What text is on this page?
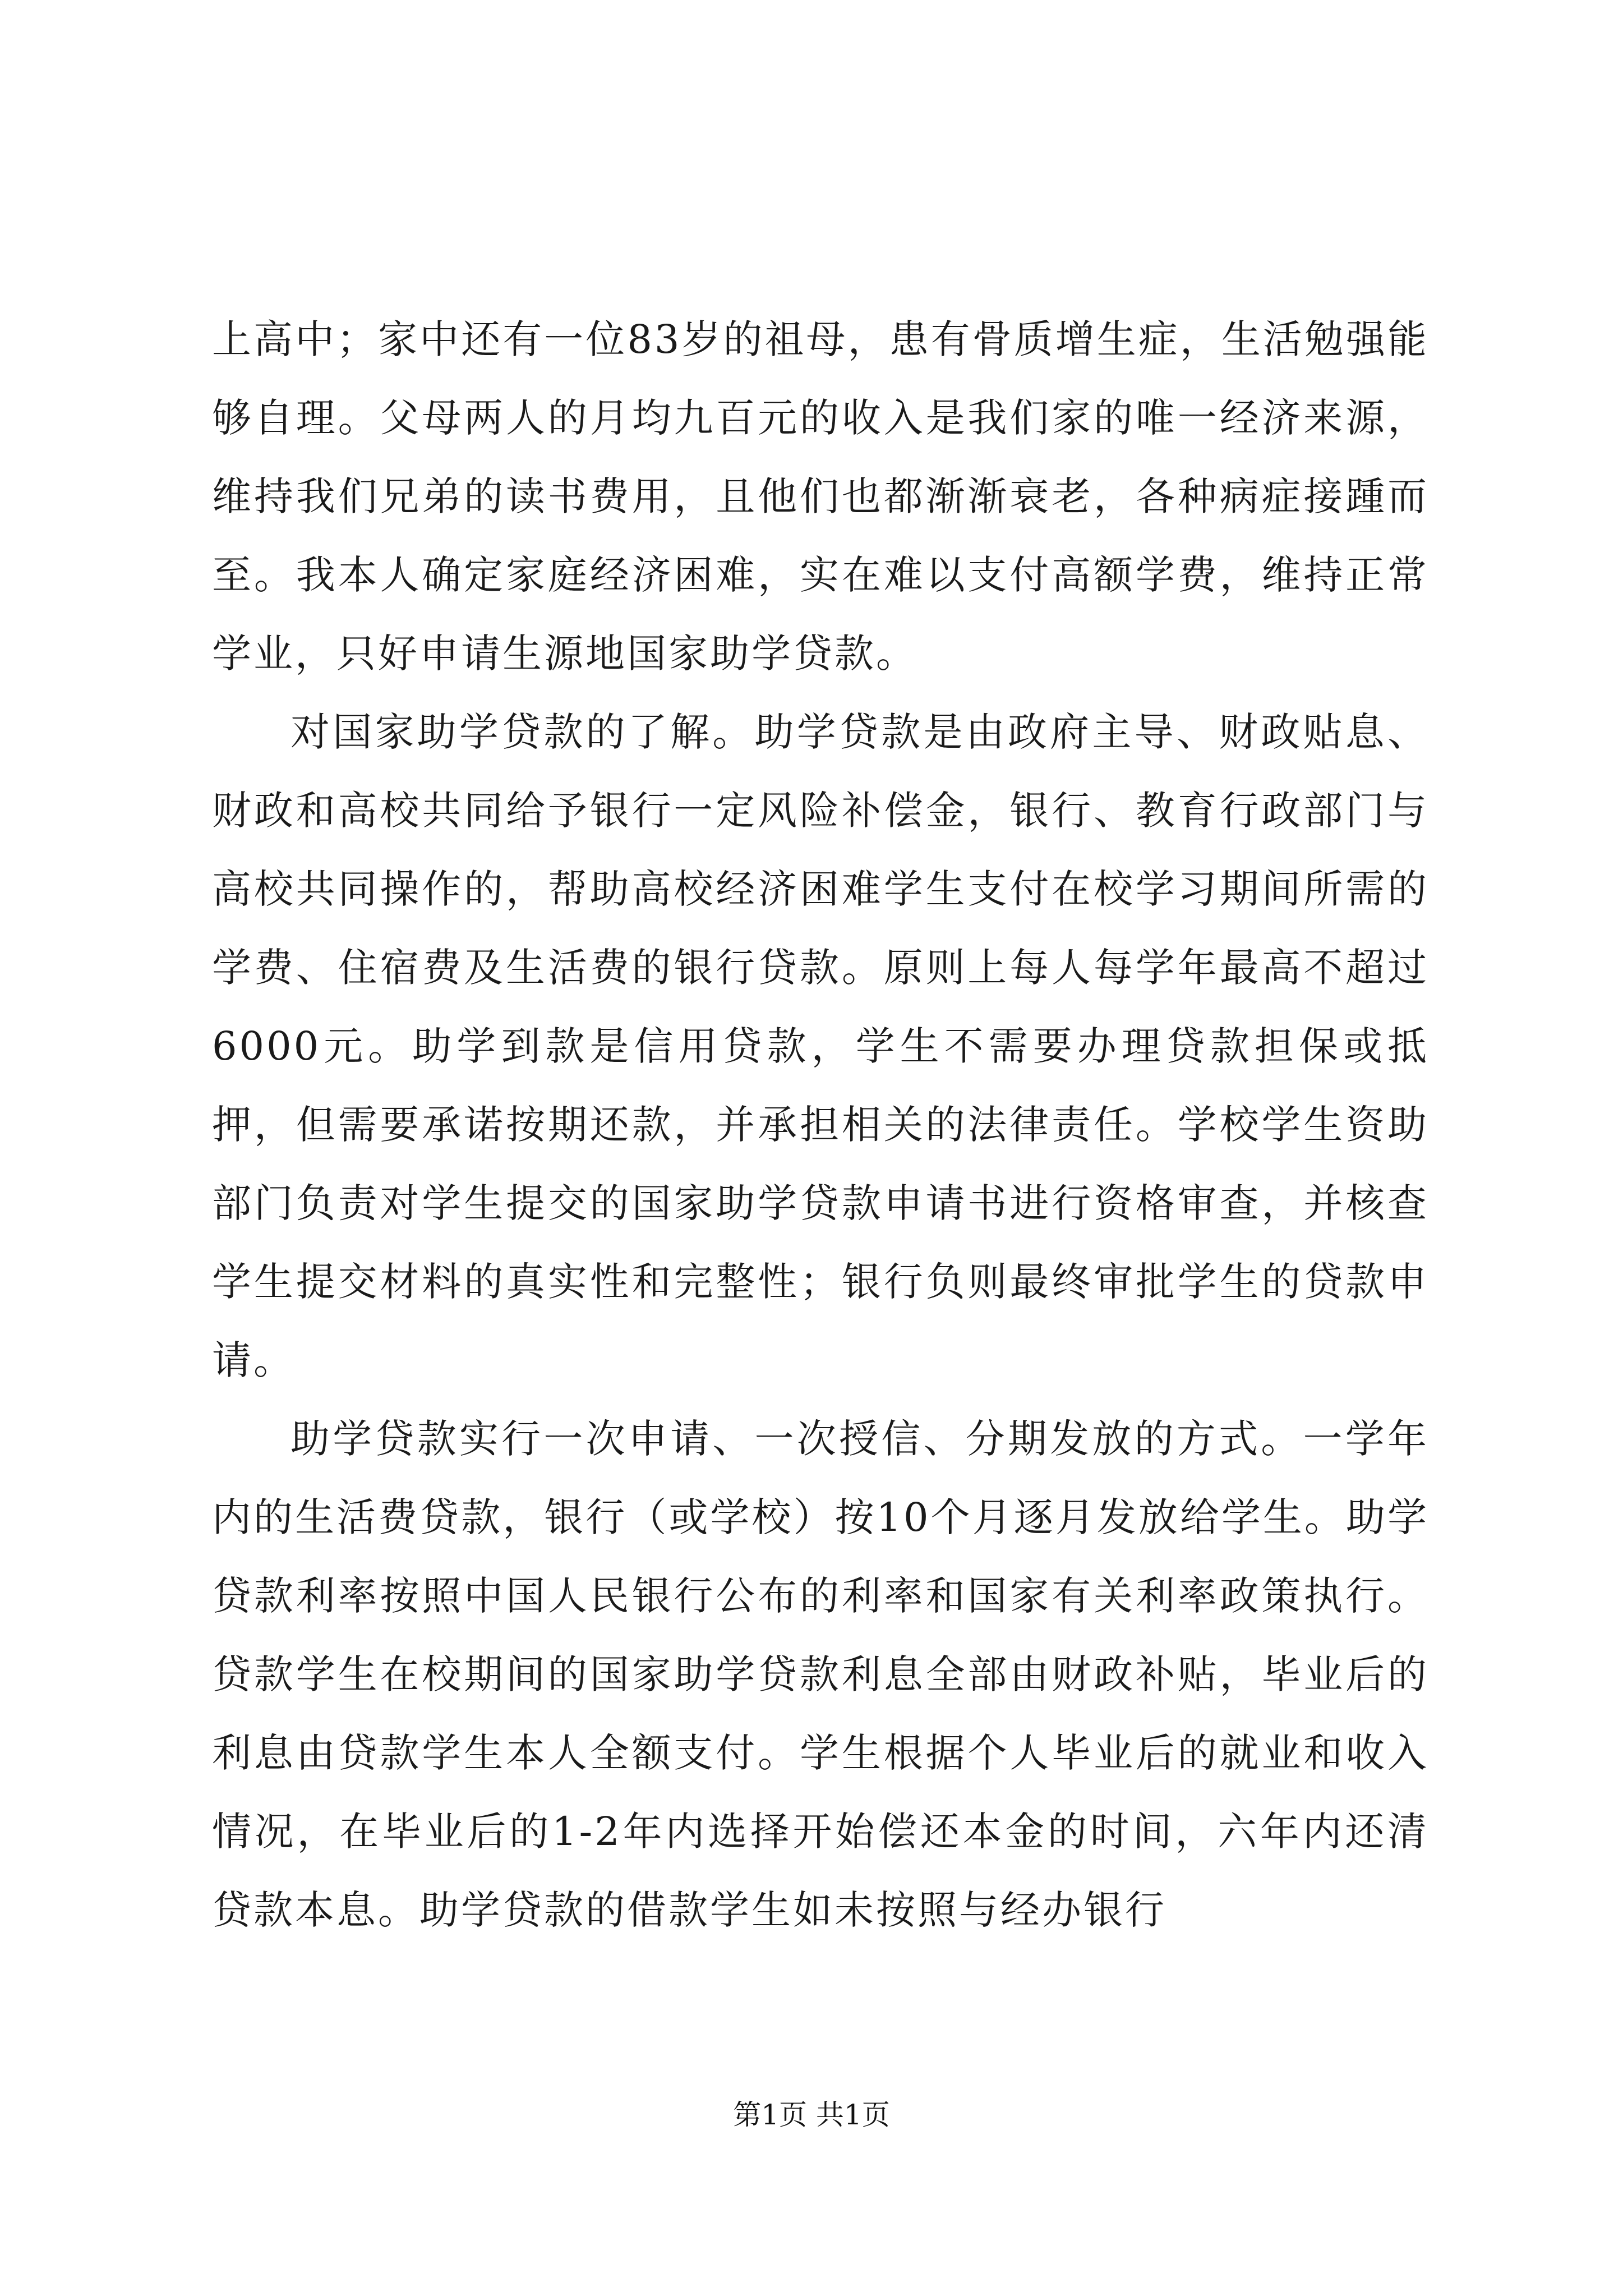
上高中；家中还有一位83岁的祖母，患有骨质增生症，生活勉强能够自理。父母两人的月均九百元的收入是我们家的唯一经济来源，维持我们兄弟的读书费用，且他们也都渐渐衰老，各种病症接踵而至。我本人确定家庭经济困难，实在难以支付高额学费，维持正常学业，只好申请生源地国家助学贷款。

对国家助学贷款的了解。助学贷款是由政府主导、财政贴息、财政和高校共同给予银行一定风险补偿金，银行、教育行政部门与高校共同操作的，帮助高校经济困难学生支付在校学习期间所需的学费、住宿费及生活费的银行贷款。原则上每人每学年最高不超过6000元。助学到款是信用贷款，学生不需要办理贷款担保或抵押，但需要承诺按期还款，并承担相关的法律责任。学校学生资助部门负责对学生提交的国家助学贷款申请书进行资格审查，并核查学生提交材料的真实性和完整性；银行负则最终审批学生的贷款申请。

助学贷款实行一次申请、一次授信、分期发放的方式。一学年内的生活费贷款，银行（或学校）按10个月逐月发放给学生。助学贷款利率按照中国人民银行公布的利率和国家有关利率政策执行。贷款学生在校期间的国家助学贷款利息全部由财政补贴，毕业后的利息由贷款学生本人全额支付。学生根据个人毕业后的就业和收入情况，在毕业后的1-2年内选择开始偿还本金的时间，六年内还清贷款本息。助学贷款的借款学生如未按照与经办银行

第1页 共1页
